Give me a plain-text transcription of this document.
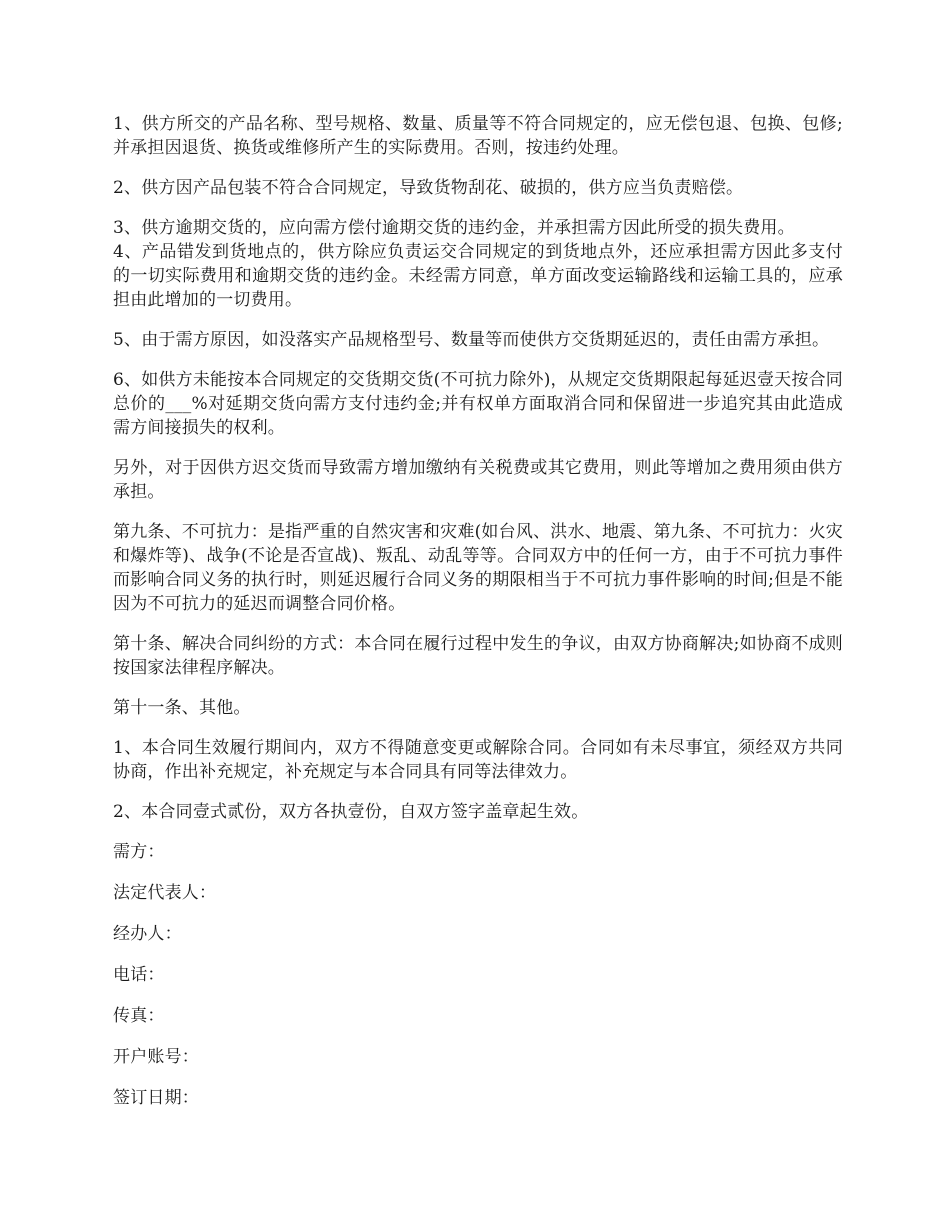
1、供方所交的产品名称、型号规格、数量、质量等不符合同规定的，应无偿包退、包换、包修;并承担因退货、换货或维修所产生的实际费用。否则，按违约处理。

2、供方因产品包装不符合合同规定，导致货物刮花、破损的，供方应当负责赔偿。

3、供方逾期交货的，应向需方偿付逾期交货的违约金，并承担需方因此所受的损失费用。

4、产品错发到货地点的，供方除应负责运交合同规定的到货地点外，还应承担需方因此多支付的一切实际费用和逾期交货的违约金。未经需方同意，单方面改变运输路线和运输工具的，应承担由此增加的一切费用。

5、由于需方原因，如没落实产品规格型号、数量等而使供方交货期延迟的，责任由需方承担。

6、如供方未能按本合同规定的交货期交货(不可抗力除外)，从规定交货期限起每延迟壹天按合同总价的___%对延期交货向需方支付违约金;并有权单方面取消合同和保留进一步追究其由此造成需方间接损失的权利。

另外，对于因供方迟交货而导致需方增加缴纳有关税费或其它费用，则此等增加之费用须由供方承担。

第九条、不可抗力：是指严重的自然灾害和灾难(如台风、洪水、地震、第九条、不可抗力：火灾和爆炸等)、战争(不论是否宣战)、叛乱、动乱等等。合同双方中的任何一方，由于不可抗力事件而影响合同义务的执行时，则延迟履行合同义务的期限相当于不可抗力事件影响的时间;但是不能因为不可抗力的延迟而调整合同价格。

第十条、解决合同纠纷的方式：本合同在履行过程中发生的争议，由双方协商解决;如协商不成则按国家法律程序解决。

第十一条、其他。

1、本合同生效履行期间内，双方不得随意变更或解除合同。合同如有未尽事宜，须经双方共同协商，作出补充规定，补充规定与本合同具有同等法律效力。

2、本合同壹式贰份，双方各执壹份，自双方签字盖章起生效。

需方：
法定代表人：
经办人：
电话：
传真：
开户账号：
签订日期：
